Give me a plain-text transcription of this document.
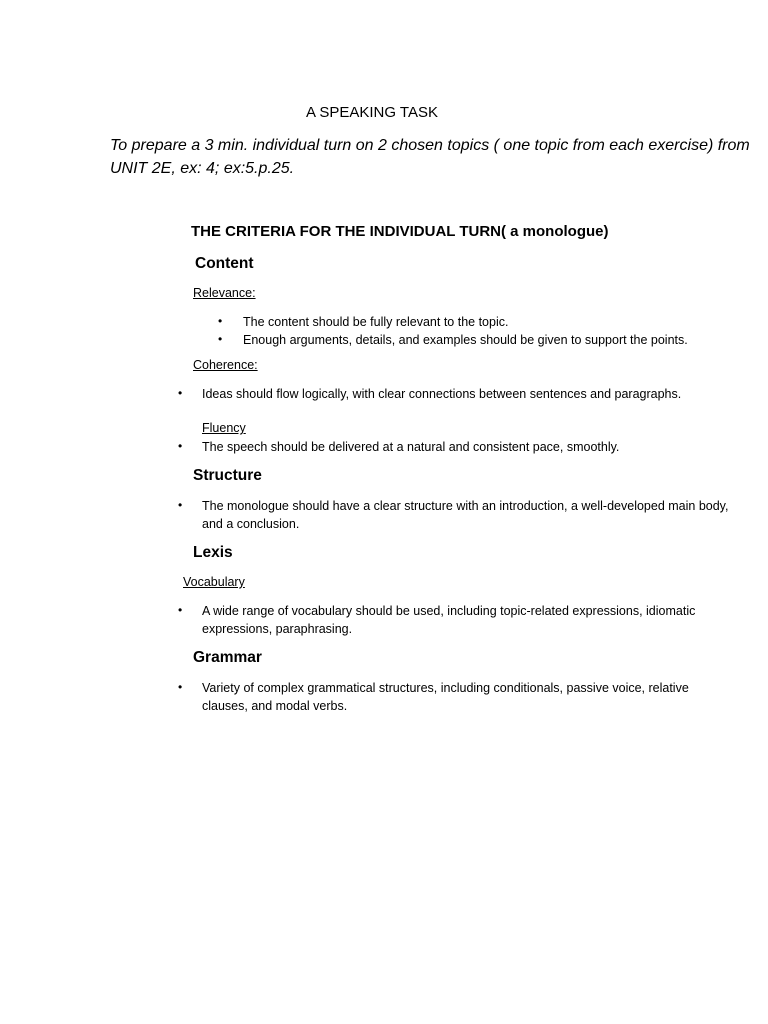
A SPEAKING TASK
To prepare a 3 min. individual turn on 2 chosen topics ( one topic from each exercise) from UNIT 2E, ex: 4; ex:5.p.25.
THE CRITERIA FOR THE INDIVIDUAL TURN( a monologue)
Content
Relevance:
• The content should be fully relevant to the topic.
• Enough arguments, details, and examples should be given to support the points.
Coherence:
• Ideas should flow logically, with clear connections between sentences and paragraphs.
Fluency
• The speech should be delivered at a natural and consistent pace, smoothly.
Structure
• The monologue should have a clear structure with an introduction, a well-developed main body, and a conclusion.
Lexis
Vocabulary
• A wide range of vocabulary should be used, including topic-related expressions, idiomatic expressions, paraphrasing.
Grammar
• Variety of complex grammatical structures, including conditionals, passive voice, relative clauses, and modal verbs.
